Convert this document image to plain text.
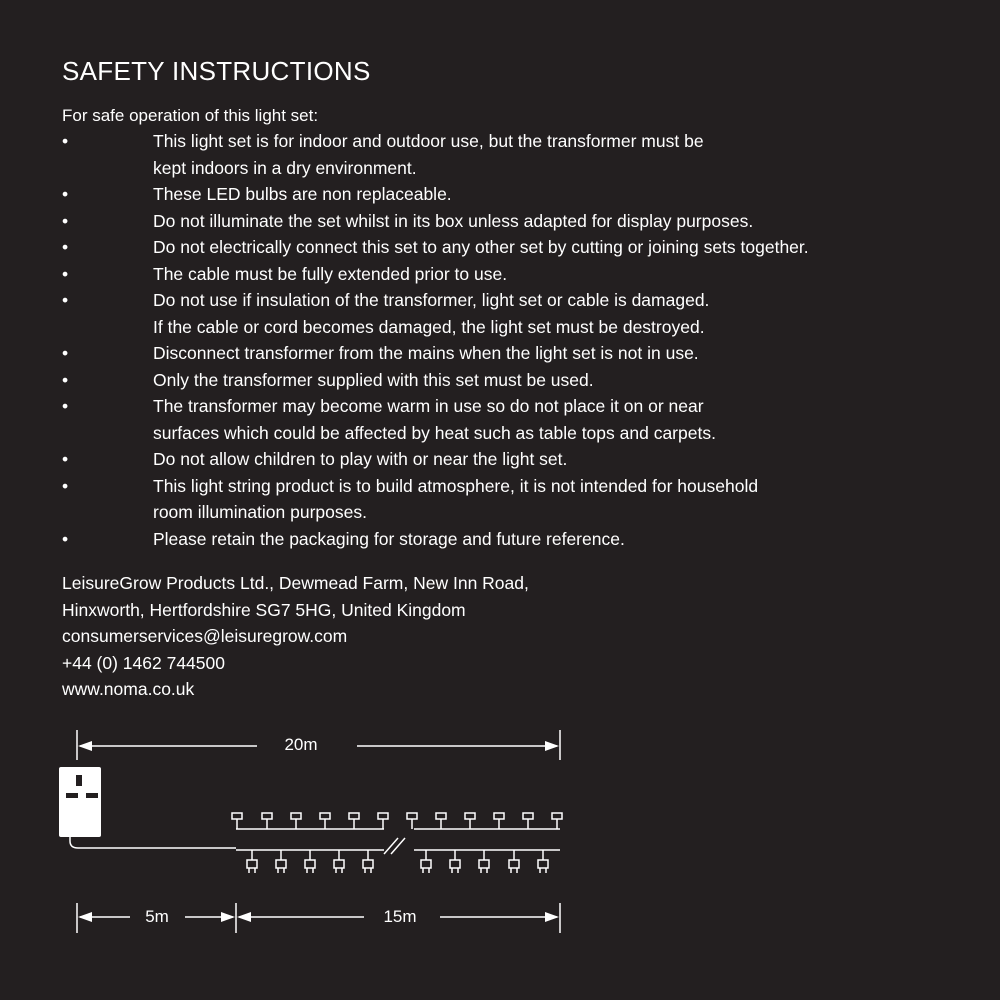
SAFETY INSTRUCTIONS
For safe operation of this light set:
•	This light set is for indoor and outdoor use, but the transformer must be
kept indoors in a dry environment.
•	These LED bulbs are non replaceable.
•	Do not illuminate the set whilst in its box unless adapted for display purposes.
•	Do not electrically connect this set to any other set by cutting or joining sets together.
•	The cable must be fully extended prior to use.
•	Do not use if insulation of the transformer, light set or cable is damaged.
If the cable or cord becomes damaged, the light set must be destroyed.
•	Disconnect transformer from the mains when the light set is not in use.
•	Only the transformer supplied with this set must be used.
•	The transformer may become warm in use so do not place it on or near
surfaces which could be affected by heat such as table tops and carpets.
•	Do not allow children to play with or near the light set.
•	This light string product is to build atmosphere, it is not intended for household
room illumination purposes.
•	Please retain the packaging for storage and future reference.
LeisureGrow Products Ltd., Dewmead Farm, New Inn Road,
Hinxworth, Hertfordshire SG7 5HG, United Kingdom
consumerservices@leisuregrow.com
+44 (0) 1462 744500
www.noma.co.uk
20m
5m	15m
